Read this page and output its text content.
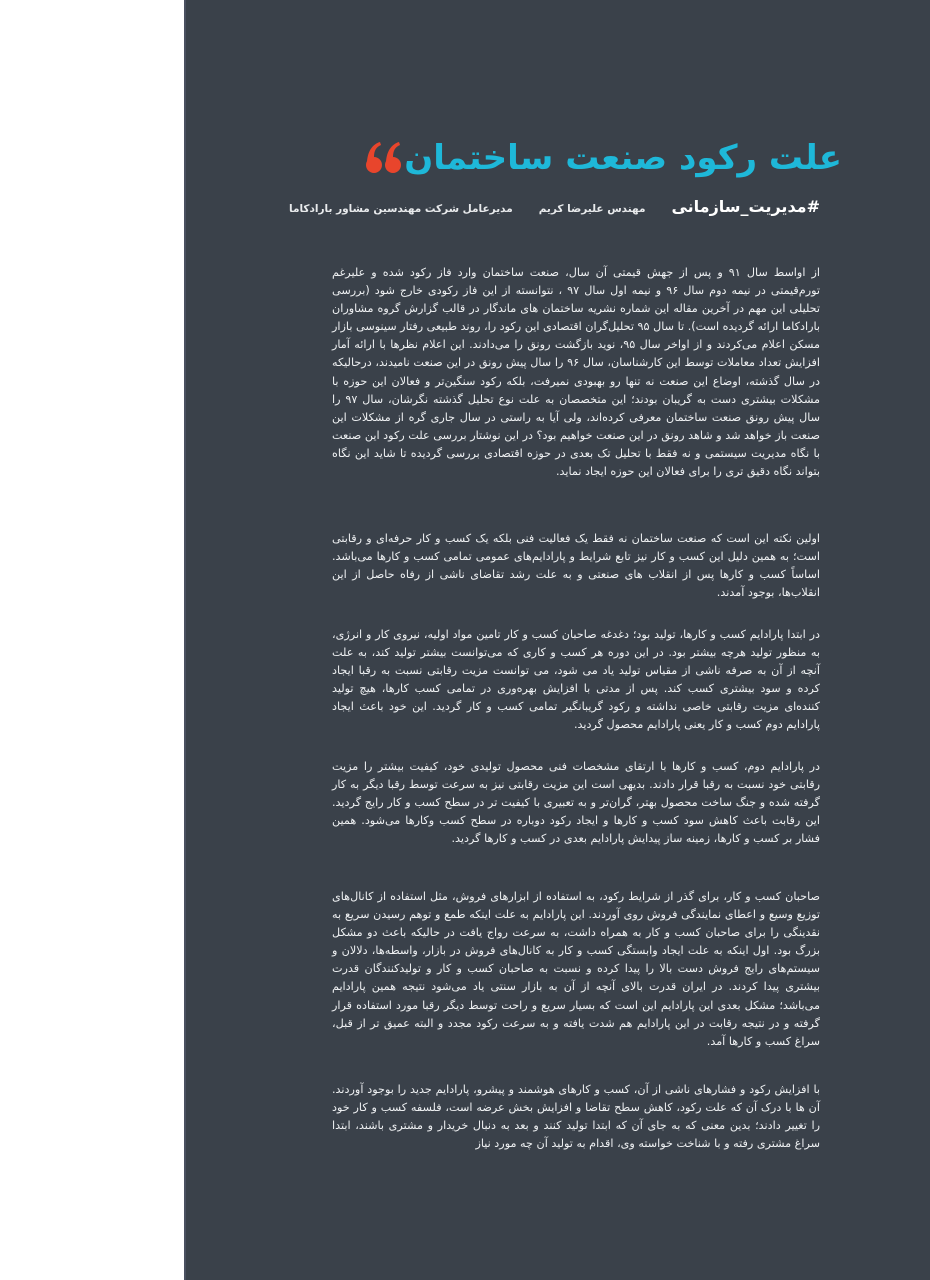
علت رکود صنعت ساختمان
#مدیریت_سازمانی
مهندس علیرضا کریم
مدیرعامل شرکت مهندسین مشاور بارادکاما

از اواسط سال ۹۱ و پس از جهش قیمتی آن سال، صنعت ساختمان وارد فاز رکود شده و علیرغم تورم‌قیمتی در نیمه دوم سال ۹۶ و نیمه اول سال ۹۷ ، نتوانسته از این فاز رکودی خارج شود (بررسی تحلیلی این مهم در آخرین مقاله این شماره نشریه ساختمان های ماندگار در قالب گزارش گروه مشاوران بارادکاما ارائه گردیده است). تا سال ۹۵ تحلیل‌گران اقتصادی این رکود را، روند طبیعی رفتار سینوسی بازار مسکن اعلام می‌کردند و از اواخر سال ۹۵، نوید بازگشت رونق را می‌دادند. این اعلام نظرها با ارائه آمار افزایش تعداد معاملات توسط این کارشناسان، سال ۹۶ را سال پیش رونق در این صنعت نامیدند، درحالیکه در سال گذشته، اوضاع این صنعت نه تنها رو بهبودی نمیرفت، بلکه رکود سنگین‌تر و فعالان این حوزه با مشکلات بیشتری دست به گریبان بودند؛ این متخصصان به علت نوع تحلیل گذشته نگرشان، سال ۹۷ را سال پیش رونق صنعت ساختمان معرفی کرده‌اند، ولی آیا به راستی در سال جاری گره از مشکلات این صنعت باز خواهد شد و شاهد رونق در این صنعت خواهیم بود؟ در این نوشتار بررسی علت رکود این صنعت با نگاه مدیریت سیستمی و نه فقط با تحلیل تک بعدی در حوزه اقتصادی بررسی گردیده تا شاید این نگاه بتواند نگاه دقیق تری را برای فعالان این حوزه ایجاد نماید.

اولین نکته این است که صنعت ساختمان نه فقط یک فعالیت فنی بلکه یک کسب و کار حرفه‌ای و رقابتی است؛ به همین دلیل این کسب و کار نیز تابع شرایط و پارادایم‌های عمومی تمامی کسب و کارها می‌باشد. اساساً کسب و کارها پس از انقلاب های صنعتی و به علت رشد تقاضای ناشی از رفاه حاصل از این انقلاب‌ها، بوجود آمدند.

در ابتدا پارادایم کسب و کارها، تولید بود؛ دغدغه صاحبان کسب و کار تامین مواد اولیه، نیروی کار و انرژی، به منظور تولید هرچه بیشتر بود. در این دوره هر کسب و کاری که می‌توانست بیشتر تولید کند، به علت آنچه از آن به صرفه ناشی از مقیاس تولید یاد می شود، می توانست مزیت رقابتی نسبت به رقبا ایجاد کرده و سود بیشتری کسب کند. پس از مدتی با افزایش بهره‌وری در تمامی کسب کارها، هیچ تولید کننده‌ای مزیت رقابتی خاصی نداشته و رکود گریبانگیر تمامی کسب و کار گردید. این خود باعث ایجاد پارادایم دوم کسب و کار یعنی پارادایم محصول گردید.

در پارادایم دوم، کسب و کارها با ارتقای مشخصات فنی محصول تولیدی خود، کیفیت بیشتر را مزیت رقابتی خود نسبت به رقبا قرار دادند. بدیهی است این مزیت رقابتی نیز به سرعت توسط رقبا دیگر به کار گرفته شده و جنگ ساخت محصول بهتر، گران‌تر و به تعبیری با کیفیت تر در سطح کسب و کار رایج گردید. این رقابت باعث کاهش سود کسب و کارها و ایجاد رکود دوباره در سطح کسب وکارها می‌شود. همین فشار بر کسب و کارها، زمینه ساز پیدایش پارادایم بعدی در کسب و کارها گردید.

صاحبان کسب و کار، برای گذر از شرایط رکود، به استفاده از ابزارهای فروش، مثل استفاده از کانال‌های توزیع وسیع و اعطای نمایندگی فروش روی آوردند. این پارادایم به علت اینکه طمع و توهم رسیدن سریع به نقدینگی را برای صاحبان کسب و کار به همراه داشت، به سرعت رواج یافت در حالیکه باعث دو مشکل بزرگ بود. اول اینکه به علت ایجاد وابستگی کسب و کار به کانال‌های فروش در بازار، واسطه‌ها، دلالان و سیستم‌های رایج فروش دست بالا را پیدا کرده و نسبت به صاحبان کسب و کار و تولیدکنندگان قدرت بیشتری پیدا کردند. در ایران قدرت بالای آنچه از آن به بازار سنتی یاد می‌شود نتیجه همین پارادایم می‌باشد؛ مشکل بعدی این پارادایم این است که بسیار سریع و راحت توسط دیگر رقبا مورد استفاده قرار گرفته و در نتیجه رقابت در این پارادایم هم شدت یافته و به سرعت رکود مجدد و البته عمیق تر از قبل، سراغ کسب و کارها آمد.

با افزایش رکود و فشارهای ناشی از آن، کسب و کارهای هوشمند و پیشرو، پارادایم جدید را بوجود آوردند. آن ها با درک آن که علت رکود، کاهش سطح تقاضا و افزایش بخش عرضه است، فلسفه کسب و کار خود را تغییر دادند؛ بدین معنی که به جای آن که ابتدا تولید کنند و بعد به دنبال خریدار و مشتری باشند، ابتدا سراغ مشتری رفته و با شناخت خواسته وی، اقدام به تولید آن چه مورد نیاز
